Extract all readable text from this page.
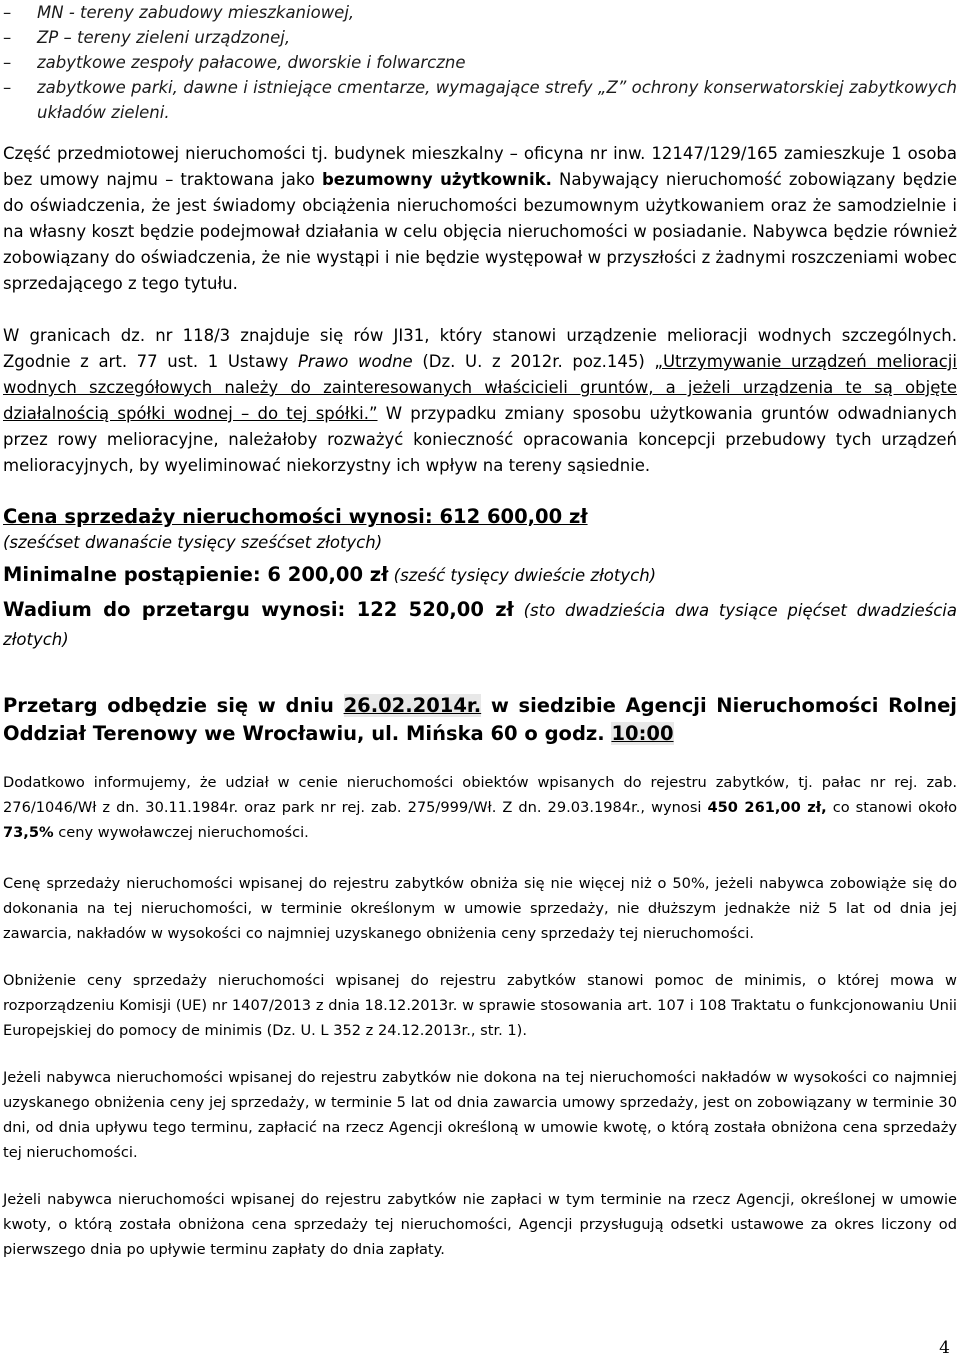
– MN - tereny zabudowy mieszkaniowej,
– ZP – tereny zieleni urządzonej,
– zabytkowe zespoły pałacowe, dworskie i folwarczne
– zabytkowe parki, dawne i istniejące cmentarze, wymagające strefy „Z” ochrony konserwatorskiej zabytkowych układów zieleni.

Część przedmiotowej nieruchomości tj. budynek mieszkalny – oficyna nr inw. 12147/129/165 zamieszkuje 1 osoba bez umowy najmu – traktowana jako bezumowny użytkownik. Nabywający nieruchomość zobowiązany będzie do oświadczenia, że jest świadomy obciążenia nieruchomości bezumownym użytkowaniem oraz że samodzielnie i na własny koszt będzie podejmował działania w celu objęcia nieruchomości w posiadanie. Nabywca będzie również zobowiązany do oświadczenia, że nie wystąpi i nie będzie występował w przyszłości z żadnymi roszczeniami wobec sprzedającego z tego tytułu.

W granicach dz. nr 118/3 znajduje się rów JI31, który stanowi urządzenie melioracji wodnych szczególnych. Zgodnie z art. 77 ust. 1 Ustawy Prawo wodne (Dz. U. z 2012r. poz.145) „Utrzymywanie urządzeń melioracji wodnych szczegółowych należy do zainteresowanych właścicieli gruntów, a jeżeli urządzenia te są objęte działalnością spółki wodnej – do tej spółki.” W przypadku zmiany sposobu użytkowania gruntów odwadnianych przez rowy melioracyjne, należałoby rozważyć konieczność opracowania koncepcji przebudowy tych urządzeń melioracyjnych, by wyeliminować niekorzystny ich wpływ na tereny sąsiednie.

Cena sprzedaży nieruchomości wynosi: 612 600,00 zł

(sześćset dwanaście tysięcy sześćset złotych)

Minimalne postąpienie: 6 200,00 zł (sześć tysięcy dwieście złotych)

Wadium do przetargu wynosi: 122 520,00 zł (sto dwadzieścia dwa tysiące pięćset dwadzieścia złotych)

Przetarg odbędzie się w dniu 26.02.2014r. w siedzibie Agencji Nieruchomości Rolnej Oddział Terenowy we Wrocławiu, ul. Mińska 60 o godz. 10:00

Dodatkowo informujemy, że udział w cenie nieruchomości obiektów wpisanych do rejestru zabytków, tj. pałac nr rej. zab. 276/1046/Wł z dn. 30.11.1984r. oraz park nr rej. zab. 275/999/Wł. Z dn. 29.03.1984r., wynosi 450 261,00 zł, co stanowi około 73,5% ceny wywoławczej nieruchomości.

Cenę sprzedaży nieruchomości wpisanej do rejestru zabytków obniża się nie więcej niż o 50%, jeżeli nabywca zobowiąże się do dokonania na tej nieruchomości, w terminie określonym w umowie sprzedaży, nie dłuższym jednakże niż 5 lat od dnia jej zawarcia, nakładów w wysokości co najmniej uzyskanego obniżenia ceny sprzedaży tej nieruchomości.

Obniżenie ceny sprzedaży nieruchomości wpisanej do rejestru zabytków stanowi pomoc de minimis, o której mowa w rozporządzeniu Komisji (UE) nr 1407/2013 z dnia 18.12.2013r. w sprawie stosowania art. 107 i 108 Traktatu o funkcjonowaniu Unii Europejskiej do pomocy de minimis (Dz. U. L 352 z 24.12.2013r., str. 1).

Jeżeli nabywca nieruchomości wpisanej do rejestru zabytków nie dokona na tej nieruchomości nakładów w wysokości co najmniej uzyskanego obniżenia ceny jej sprzedaży, w terminie 5 lat od dnia zawarcia umowy sprzedaży, jest on zobowiązany w terminie 30 dni, od dnia upływu tego terminu, zapłacić na rzecz Agencji określoną w umowie kwotę, o którą została obniżona cena sprzedaży tej nieruchomości.

Jeżeli nabywca nieruchomości wpisanej do rejestru zabytków nie zapłaci w tym terminie na rzecz Agencji, określonej w umowie kwoty, o którą została obniżona cena sprzedaży tej nieruchomości, Agencji przysługują odsetki ustawowe za okres liczony od pierwszego dnia po upływie terminu zapłaty do dnia zapłaty.

4
